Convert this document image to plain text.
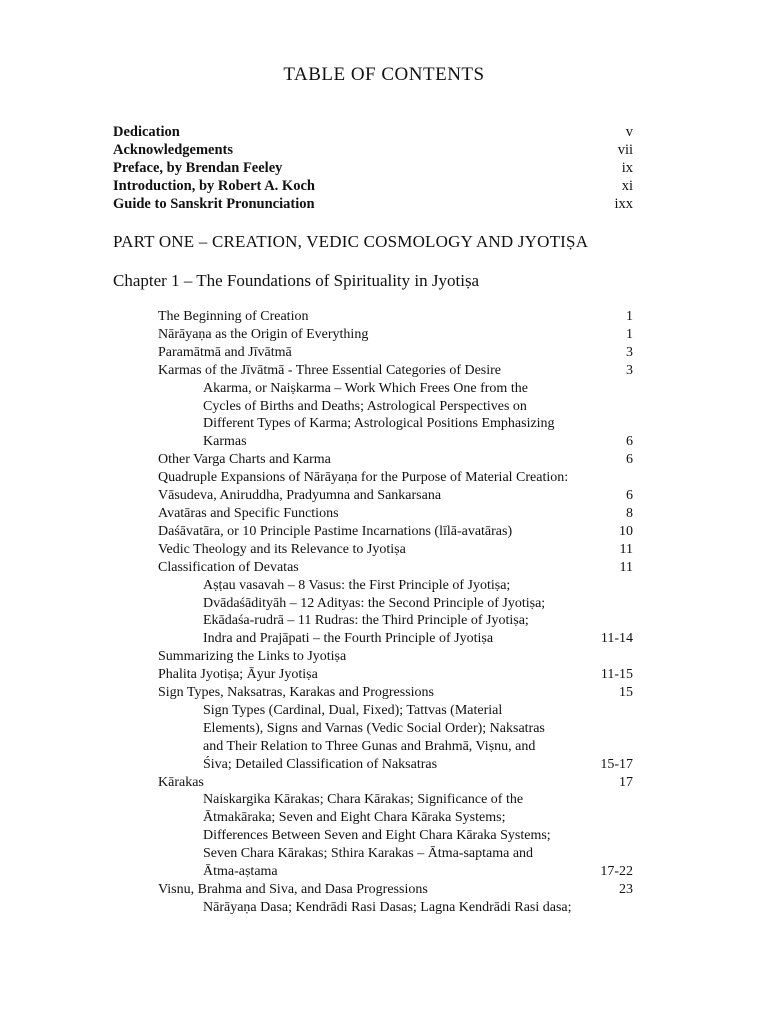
TABLE OF CONTENTS
Dedication	v
Acknowledgements	vii
Preface, by Brendan Feeley	ix
Introduction, by Robert A. Koch	xi
Guide to Sanskrit Pronunciation	ixx
PART ONE – CREATION, VEDIC COSMOLOGY AND JYOTIṢA
Chapter 1 – The Foundations of Spirituality in Jyotiṣa
The Beginning of Creation	1
Nārāyaṇa as the Origin of Everything	1
Paramātmā and Jīvātmā	3
Karmas of the Jīvātmā - Three Essential Categories of Desire	3
Akarma, or Naiṣkarma – Work Which Frees One from the
Cycles of Births and Deaths; Astrological Perspectives on
Different Types of Karma; Astrological Positions Emphasizing
Karmas	6
Other Varga Charts and Karma	6
Quadruple Expansions of Nārāyaṇa for the Purpose of Material Creation:
Vāsudeva, Aniruddha, Pradyumna and Sankarsana	6
Avatāras and Specific Functions	8
Daśāvatāra, or 10 Principle Pastime Incarnations (līlā-avatāras)	10
Vedic Theology and its Relevance to Jyotiṣa	11
Classification of Devatas	11
Aṣṭau vasavah – 8 Vasus: the First Principle of Jyotiṣa;
Dvādaśādityāh – 12 Adityas: the Second Principle of Jyotiṣa;
Ekādaśa-rudrā – 11 Rudras: the Third Principle of Jyotiṣa;
Indra and Prajāpati – the Fourth Principle of Jyotiṣa	11-14
Summarizing the Links to Jyotiṣa
Phalita Jyotiṣa; Āyur Jyotiṣa	11-15
Sign Types, Naksatras, Karakas and Progressions	15
Sign Types (Cardinal, Dual, Fixed); Tattvas (Material
Elements), Signs and Varnas (Vedic Social Order); Naksatras
and Their Relation to Three Gunas and Brahmā, Viṣnu, and
Śiva; Detailed Classification of Naksatras	15-17
Kārakas	17
Naiskargika Kārakas; Chara Kārakas; Significance of the
Ātmakāraka; Seven and Eight Chara Kāraka Systems;
Differences Between Seven and Eight Chara Kāraka Systems;
Seven Chara Kārakas; Sthira Karakas – Ātma-saptama and
Ātma-aṣtama	17-22
Visnu, Brahma and Siva, and Dasa Progressions	23
Nārāyaṇa Dasa; Kendrādi Rasi Dasas; Lagna Kendrādi Rasi dasa;
